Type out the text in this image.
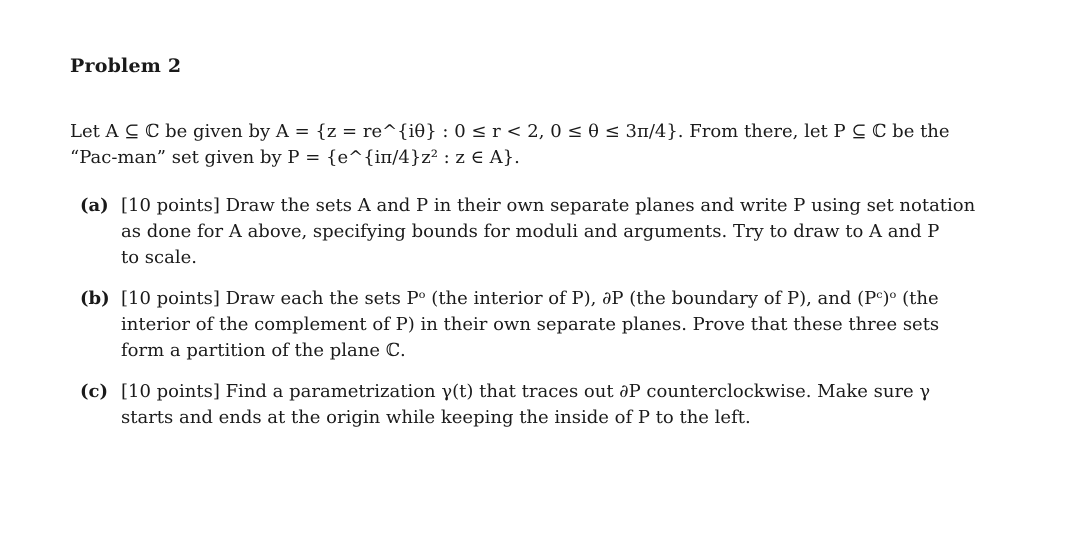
Problem 2
Let A ⊆ ℂ be given by A = {z = re^{iθ} : 0 ≤ r < 2, 0 ≤ θ ≤ 3π/4}. From there, let P ⊆ ℂ be the
“Pac-man” set given by P = {e^{iπ/4}z² : z ∈ A}.
(a) [10 points] Draw the sets A and P in their own separate planes and write P using set notation
as done for A above, specifying bounds for moduli and arguments. Try to draw to A and P
to scale.
(b) [10 points] Draw each the sets Pᵒ (the interior of P), ∂P (the boundary of P), and (Pᶜ)ᵒ (the
interior of the complement of P) in their own separate planes. Prove that these three sets
form a partition of the plane ℂ.
(c) [10 points] Find a parametrization γ(t) that traces out ∂P counterclockwise. Make sure γ
starts and ends at the origin while keeping the inside of P to the left.
